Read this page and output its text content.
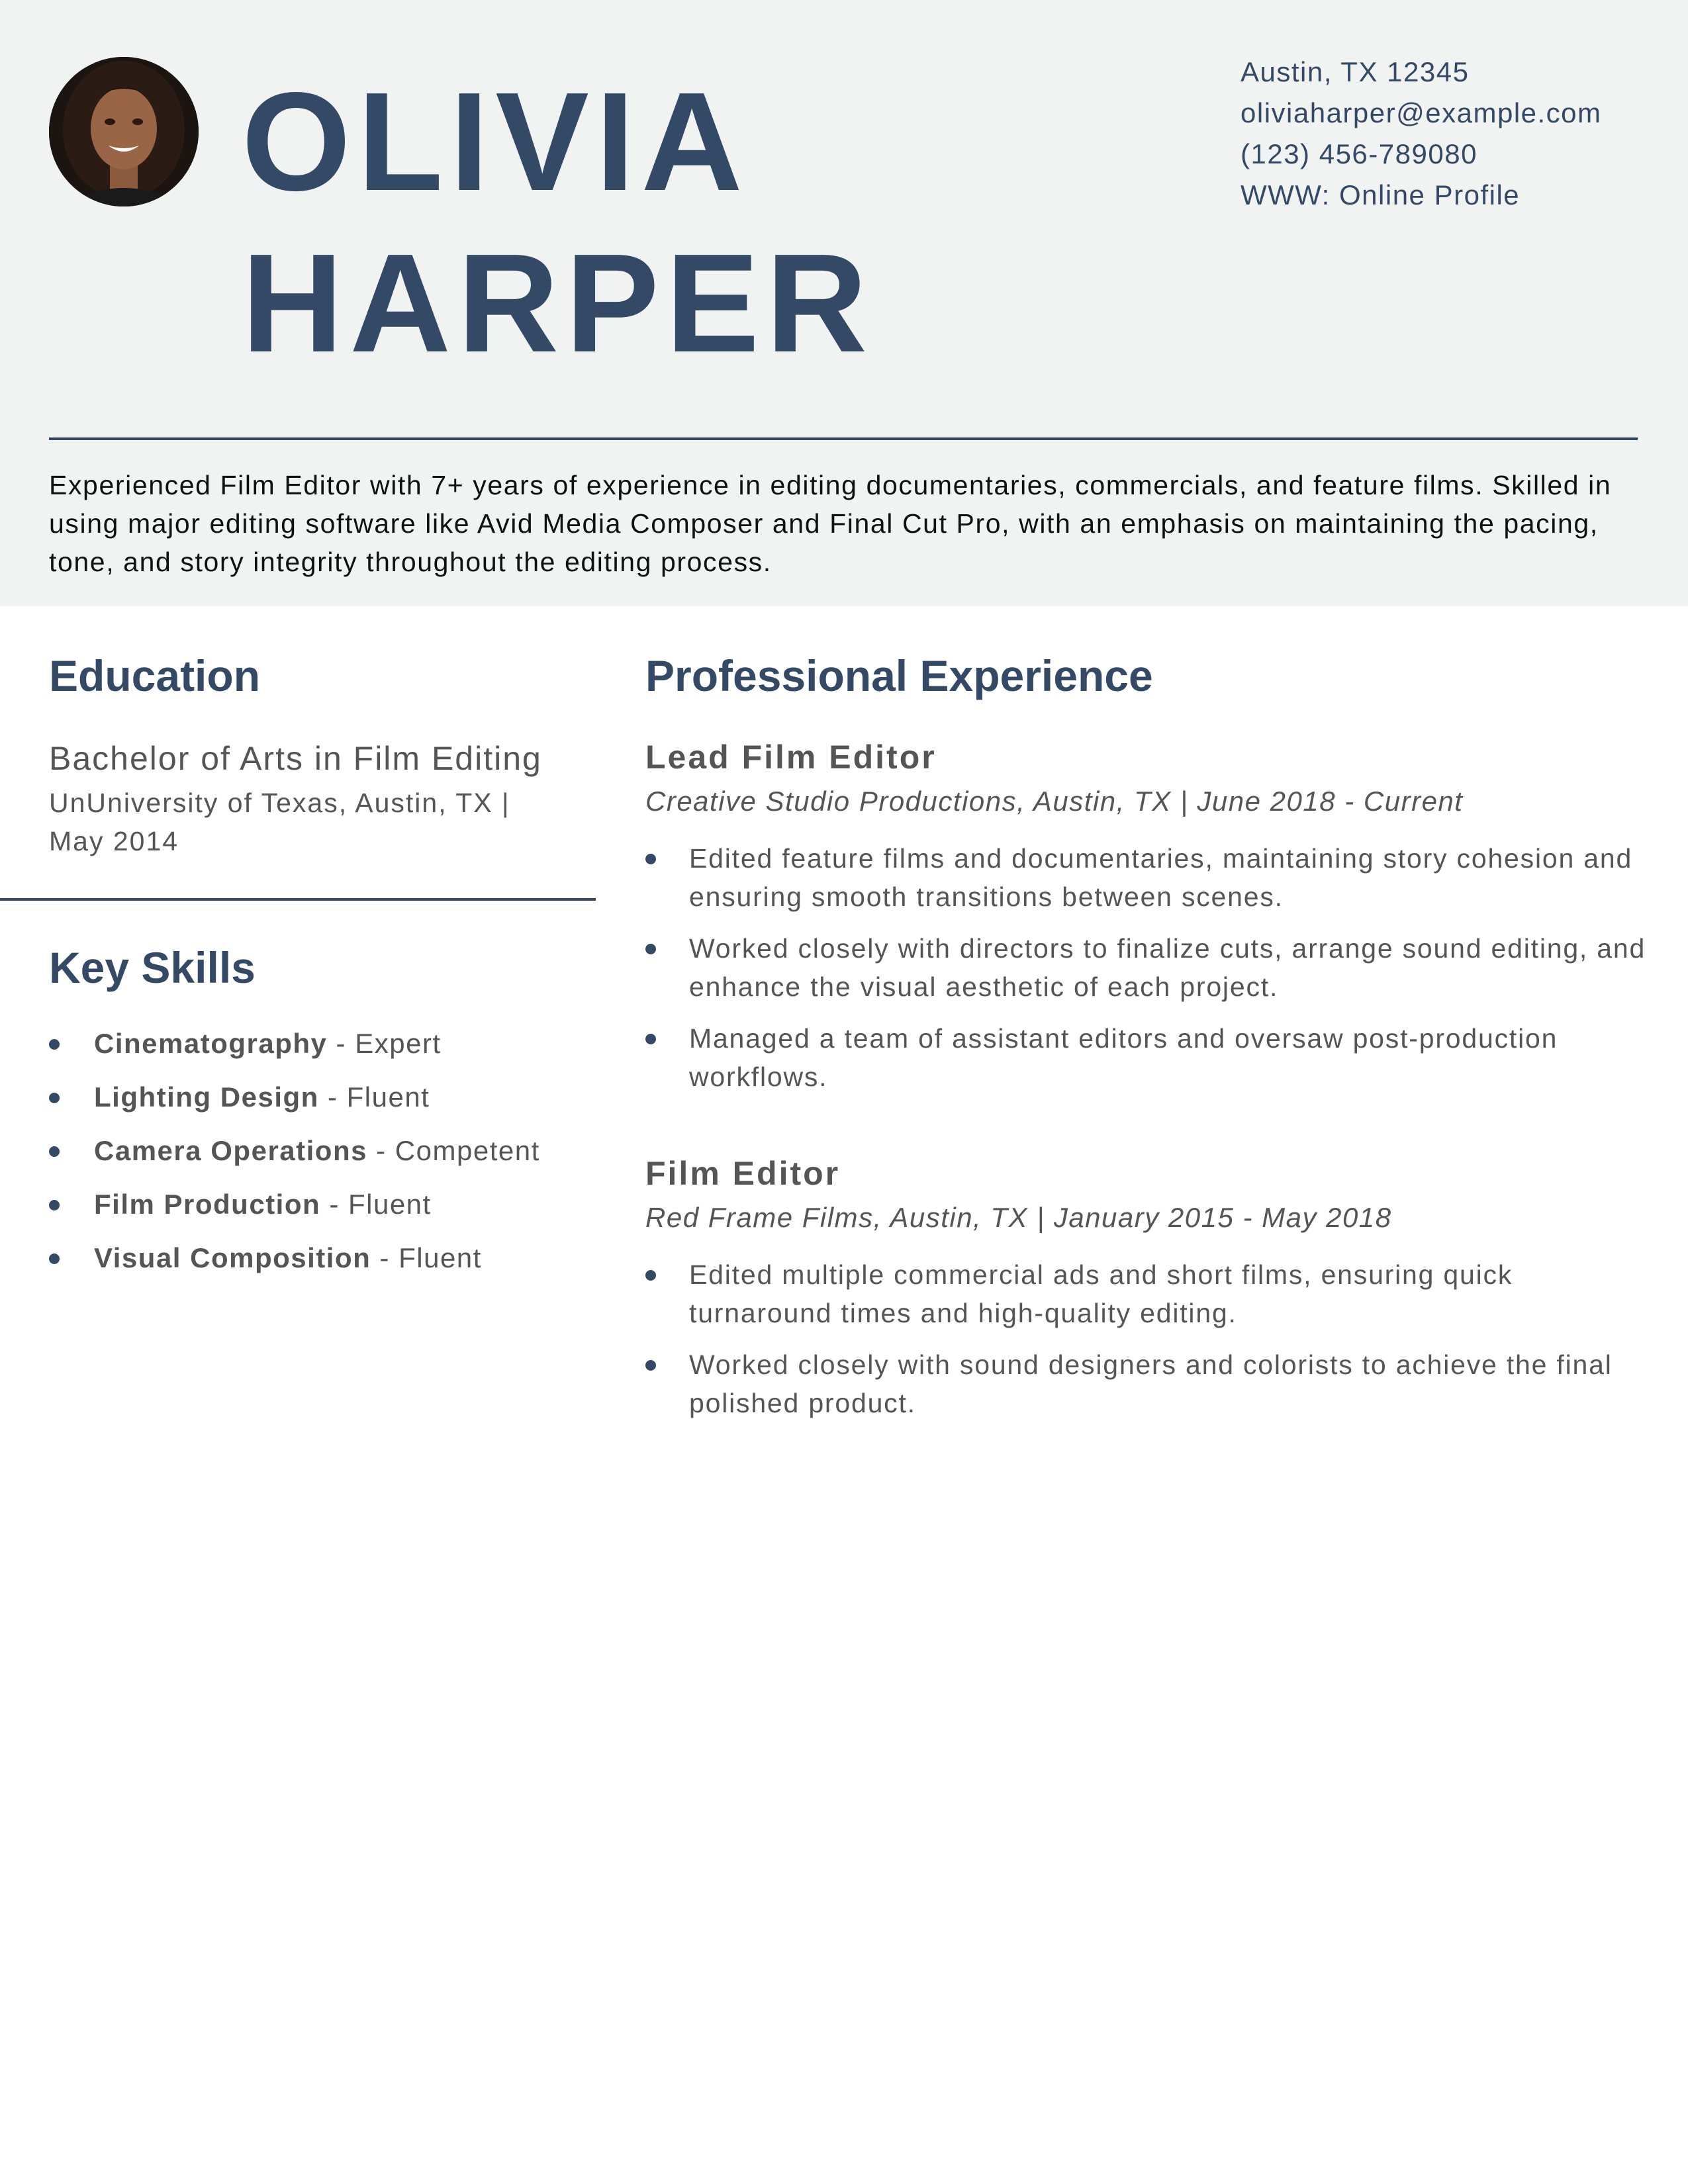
OLIVIA
HARPER
Austin, TX 12345
oliviaharper@example.com
(123) 456-789080
WWW: Online Profile

Experienced Film Editor with 7+ years of experience in editing documentaries, commercials, and feature films. Skilled in using major editing software like Avid Media Composer and Final Cut Pro, with an emphasis on maintaining the pacing, tone, and story integrity throughout the editing process.

Education
Bachelor of Arts in Film Editing
UnUniversity of Texas, Austin, TX |
May 2014
Key Skills
Cinematography - Expert
Lighting Design - Fluent
Camera Operations - Competent
Film Production - Fluent
Visual Composition - Fluent
Professional Experience
Lead Film Editor
Creative Studio Productions, Austin, TX | June 2018 - Current
Edited feature films and documentaries, maintaining story cohesion and ensuring smooth transitions between scenes.
Worked closely with directors to finalize cuts, arrange sound editing, and enhance the visual aesthetic of each project.
Managed a team of assistant editors and oversaw post-production workflows.
Film Editor
Red Frame Films, Austin, TX | January 2015 - May 2018
Edited multiple commercial ads and short films, ensuring quick turnaround times and high-quality editing.
Worked closely with sound designers and colorists to achieve the final polished product.
